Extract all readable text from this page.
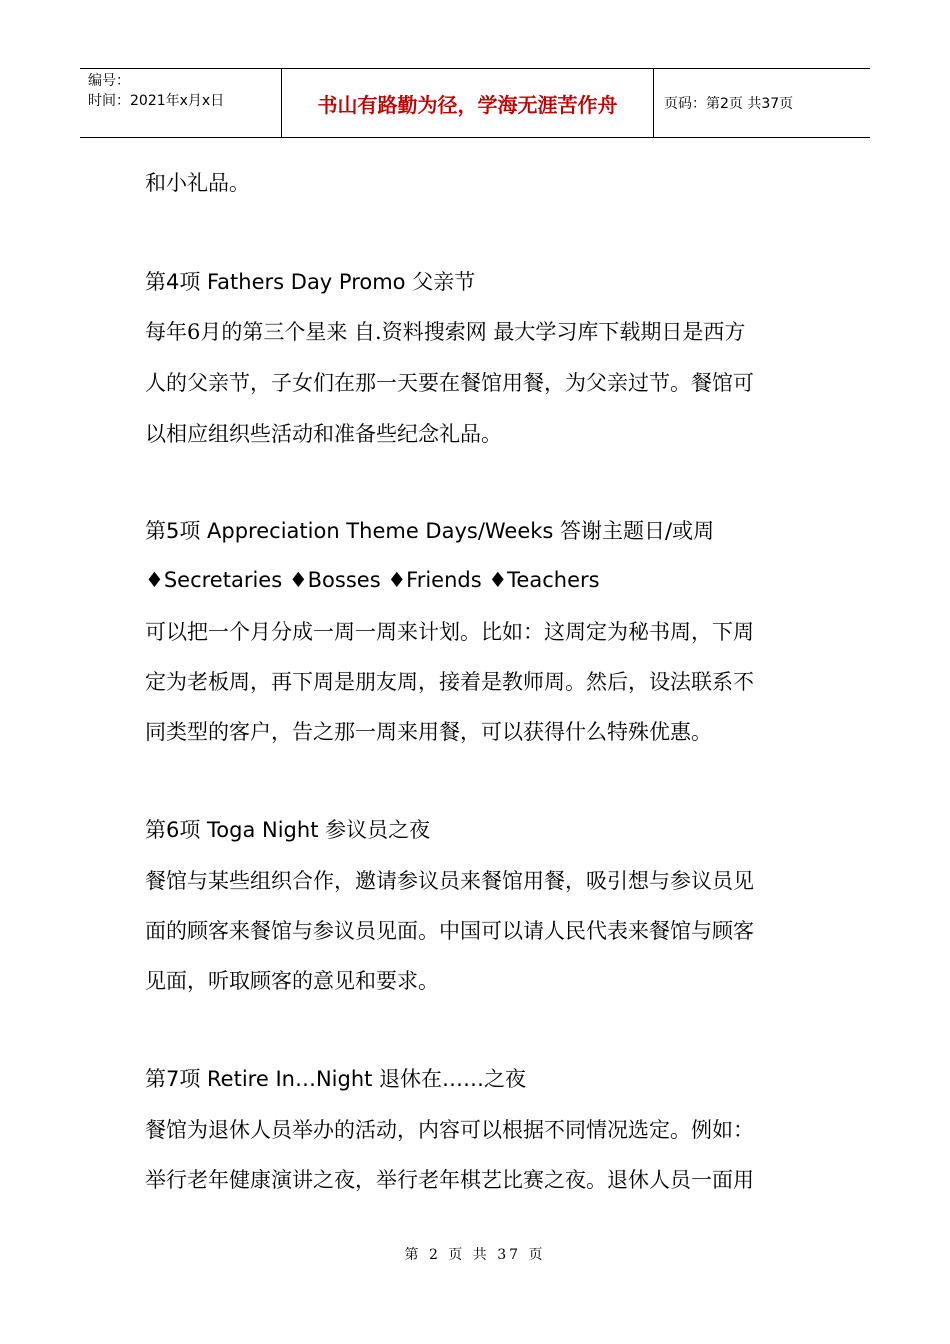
编号：
时间：2021年x月x日	书山有路勤为径，学海无涯苦作舟	页码：第2页 共37页
和小礼品。
第4项 Fathers Day Promo 父亲节
每年6月的第三个星来 自.资料搜索网 最大学习库下载期日是西方
人的父亲节，子女们在那一天要在餐馆用餐，为父亲过节。餐馆可
以相应组织些活动和准备些纪念礼品。
第5项 Appreciation Theme Days/Weeks 答谢主题日/或周
♦Secretaries ♦Bosses ♦Friends ♦Teachers
可以把一个月分成一周一周来计划。比如：这周定为秘书周，下周
定为老板周，再下周是朋友周，接着是教师周。然后，设法联系不
同类型的客户，告之那一周来用餐，可以获得什么特殊优惠。
第6项 Toga Night 参议员之夜
餐馆与某些组织合作，邀请参议员来餐馆用餐，吸引想与参议员见
面的顾客来餐馆与参议员见面。中国可以请人民代表来餐馆与顾客
见面，听取顾客的意见和要求。
第7项 Retire In…Night 退休在……之夜
餐馆为退休人员举办的活动，内容可以根据不同情况选定。例如：
举行老年健康演讲之夜，举行老年棋艺比赛之夜。退休人员一面用
第 2 页 共 37 页
